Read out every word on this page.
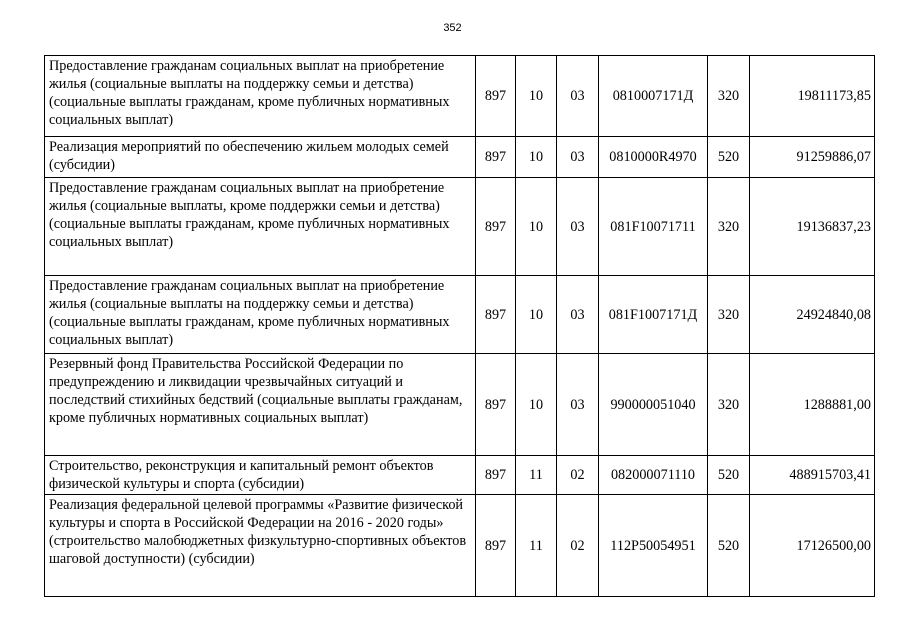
352
Предоставление гражданам социальных выплат на приобретение жилья (социальные выплаты на поддержку семьи и детства) (социальные выплаты гражданам, кроме публичных нормативных социальных выплат)	897	10	03	0810007171Д	320	19811173,85
Реализация мероприятий по обеспечению жильем молодых семей (субсидии)	897	10	03	0810000R4970	520	91259886,07
Предоставление гражданам социальных выплат на приобретение жилья (социальные выплаты, кроме поддержки семьи и детства) (социальные выплаты гражданам, кроме публичных нормативных социальных выплат)	897	10	03	081F10071711	320	19136837,23
Предоставление гражданам социальных выплат на приобретение жилья (социальные выплаты на поддержку семьи и детства) (социальные выплаты гражданам, кроме публичных нормативных социальных выплат)	897	10	03	081F1007171Д	320	24924840,08
Резервный фонд Правительства Российской Федерации по предупреждению и ликвидации чрезвычайных ситуаций и последствий стихийных бедствий (социальные выплаты гражданам, кроме публичных нормативных социальных выплат)	897	10	03	990000051040	320	1288881,00
Строительство, реконструкция и капитальный ремонт объектов физической культуры и спорта (субсидии)	897	11	02	082000071110	520	488915703,41
Реализация федеральной целевой программы «Развитие физической культуры и спорта в Российской Федерации на 2016 - 2020 годы» (строительство малобюджетных физкультурно-спортивных объектов шаговой доступности) (субсидии)	897	11	02	112P50054951	520	17126500,00
